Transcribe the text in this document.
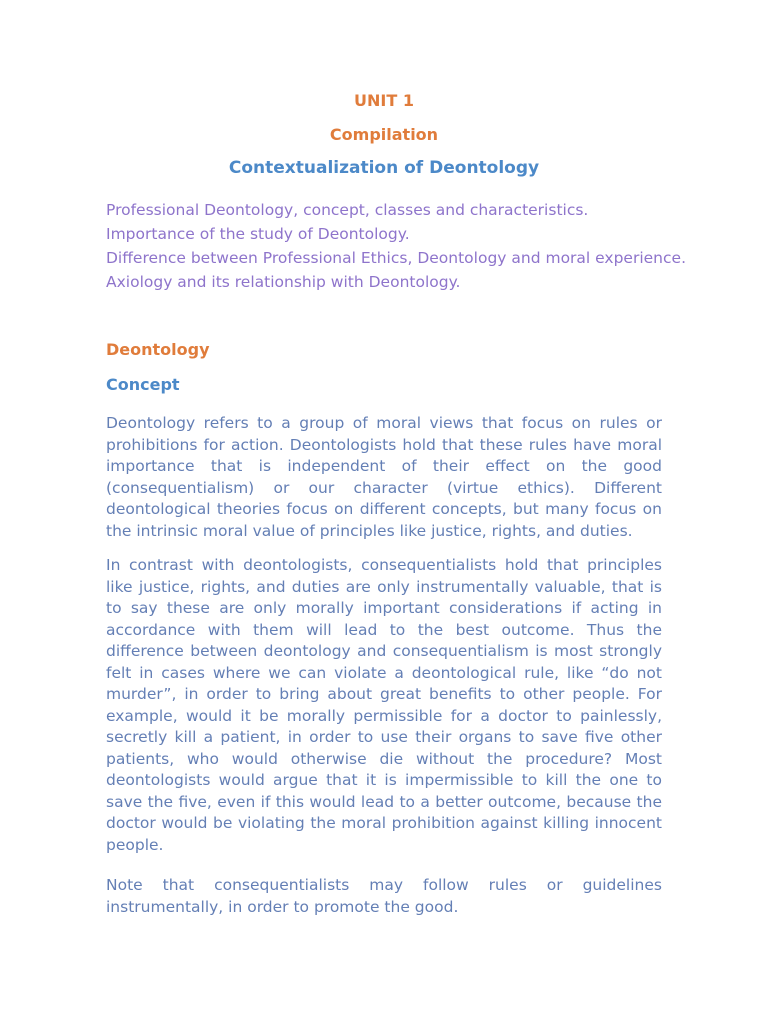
UNIT 1
Compilation
Contextualization of Deontology
Professional Deontology, concept, classes and characteristics.
Importance of the study of Deontology.
Difference between Professional Ethics, Deontology and moral experience.
Axiology and its relationship with Deontology.
Deontology
Concept
Deontology refers to a group of moral views that focus on rules or prohibitions for action. Deontologists hold that these rules have moral importance that is independent of their effect on the good (consequentialism) or our character (virtue ethics). Different deontological theories focus on different concepts, but many focus on the intrinsic moral value of principles like justice, rights, and duties.
In contrast with deontologists, consequentialists hold that principles like justice, rights, and duties are only instrumentally valuable, that is to say these are only morally important considerations if acting in accordance with them will lead to the best outcome. Thus the difference between deontology and consequentialism is most strongly felt in cases where we can violate a deontological rule, like “do not murder”, in order to bring about great benefits to other people. For example, would it be morally permissible for a doctor to painlessly, secretly kill a patient, in order to use their organs to save five other patients, who would otherwise die without the procedure? Most deontologists would argue that it is impermissible to kill the one to save the five, even if this would lead to a better outcome, because the doctor would be violating the moral prohibition against killing innocent people.
Note that consequentialists may follow rules or guidelines instrumentally, in order to promote the good.
